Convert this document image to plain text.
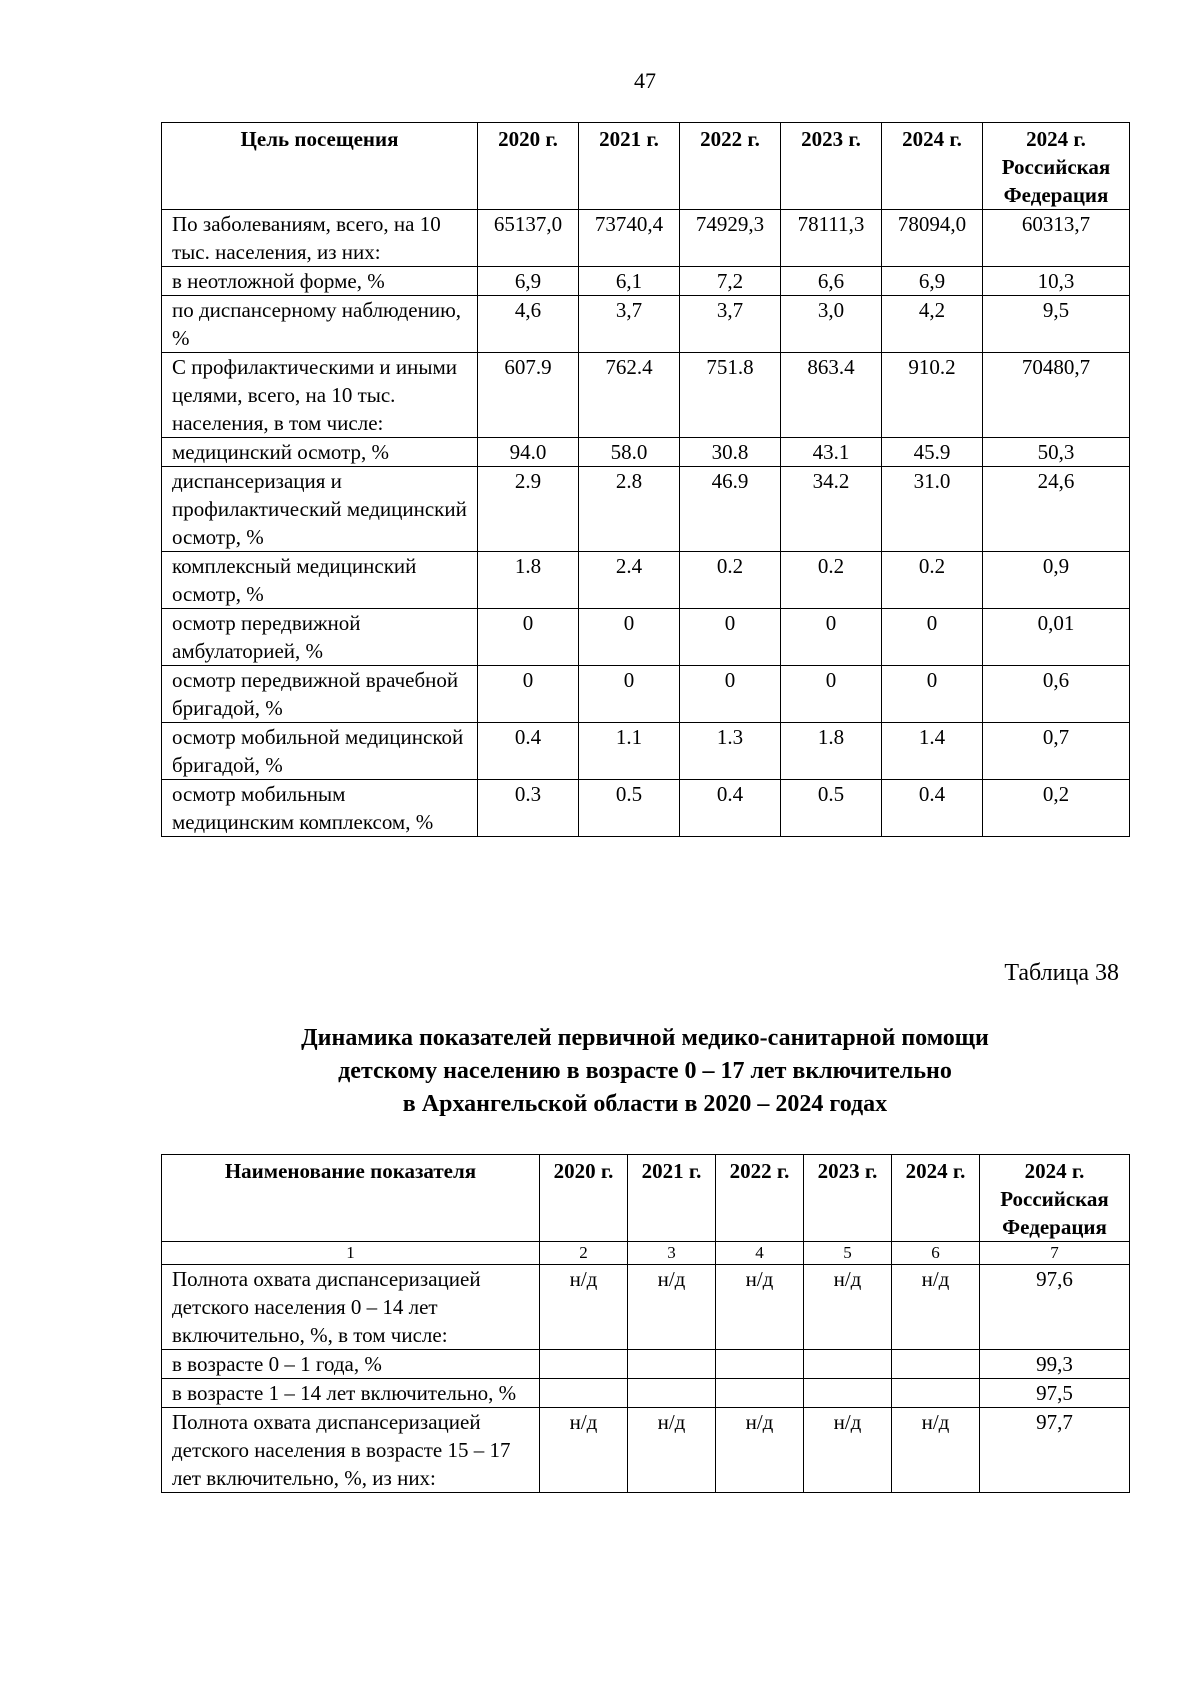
47
Цель посещения	2020 г.	2021 г.	2022 г.	2023 г.	2024 г.	2024 г. Российская Федерация
По заболеваниям, всего, на 10 тыс. населения, из них:	65137,0	73740,4	74929,3	78111,3	78094,0	60313,7
в неотложной форме, %	6,9	6,1	7,2	6,6	6,9	10,3
по диспансерному наблюдению, %	4,6	3,7	3,7	3,0	4,2	9,5
С профилактическими и иными целями, всего, на 10 тыс. населения, в том числе:	607.9	762.4	751.8	863.4	910.2	70480,7
медицинский осмотр, %	94.0	58.0	30.8	43.1	45.9	50,3
диспансеризация и профилактический медицинский осмотр, %	2.9	2.8	46.9	34.2	31.0	24,6
комплексный медицинский осмотр, %	1.8	2.4	0.2	0.2	0.2	0,9
осмотр передвижной амбулаторией, %	0	0	0	0	0	0,01
осмотр передвижной врачебной бригадой, %	0	0	0	0	0	0,6
осмотр мобильной медицинской бригадой, %	0.4	1.1	1.3	1.8	1.4	0,7
осмотр мобильным медицинским комплексом, %	0.3	0.5	0.4	0.5	0.4	0,2
Таблица 38
Динамика показателей первичной медико-санитарной помощи
детскому населению в возрасте 0 – 17 лет включительно
в Архангельской области в 2020 – 2024 годах
Наименование показателя	2020 г.	2021 г.	2022 г.	2023 г.	2024 г.	2024 г. Российская Федерация
1	2	3	4	5	6	7
Полнота охвата диспансеризацией детского населения 0 – 14 лет включительно, %, в том числе:	н/д	н/д	н/д	н/д	н/д	97,6
в возрасте 0 – 1 года, %						99,3
в возрасте 1 – 14 лет включительно, %						97,5
Полнота охвата диспансеризацией детского населения в возрасте 15 – 17 лет включительно, %, из них:	н/д	н/д	н/д	н/д	н/д	97,7
